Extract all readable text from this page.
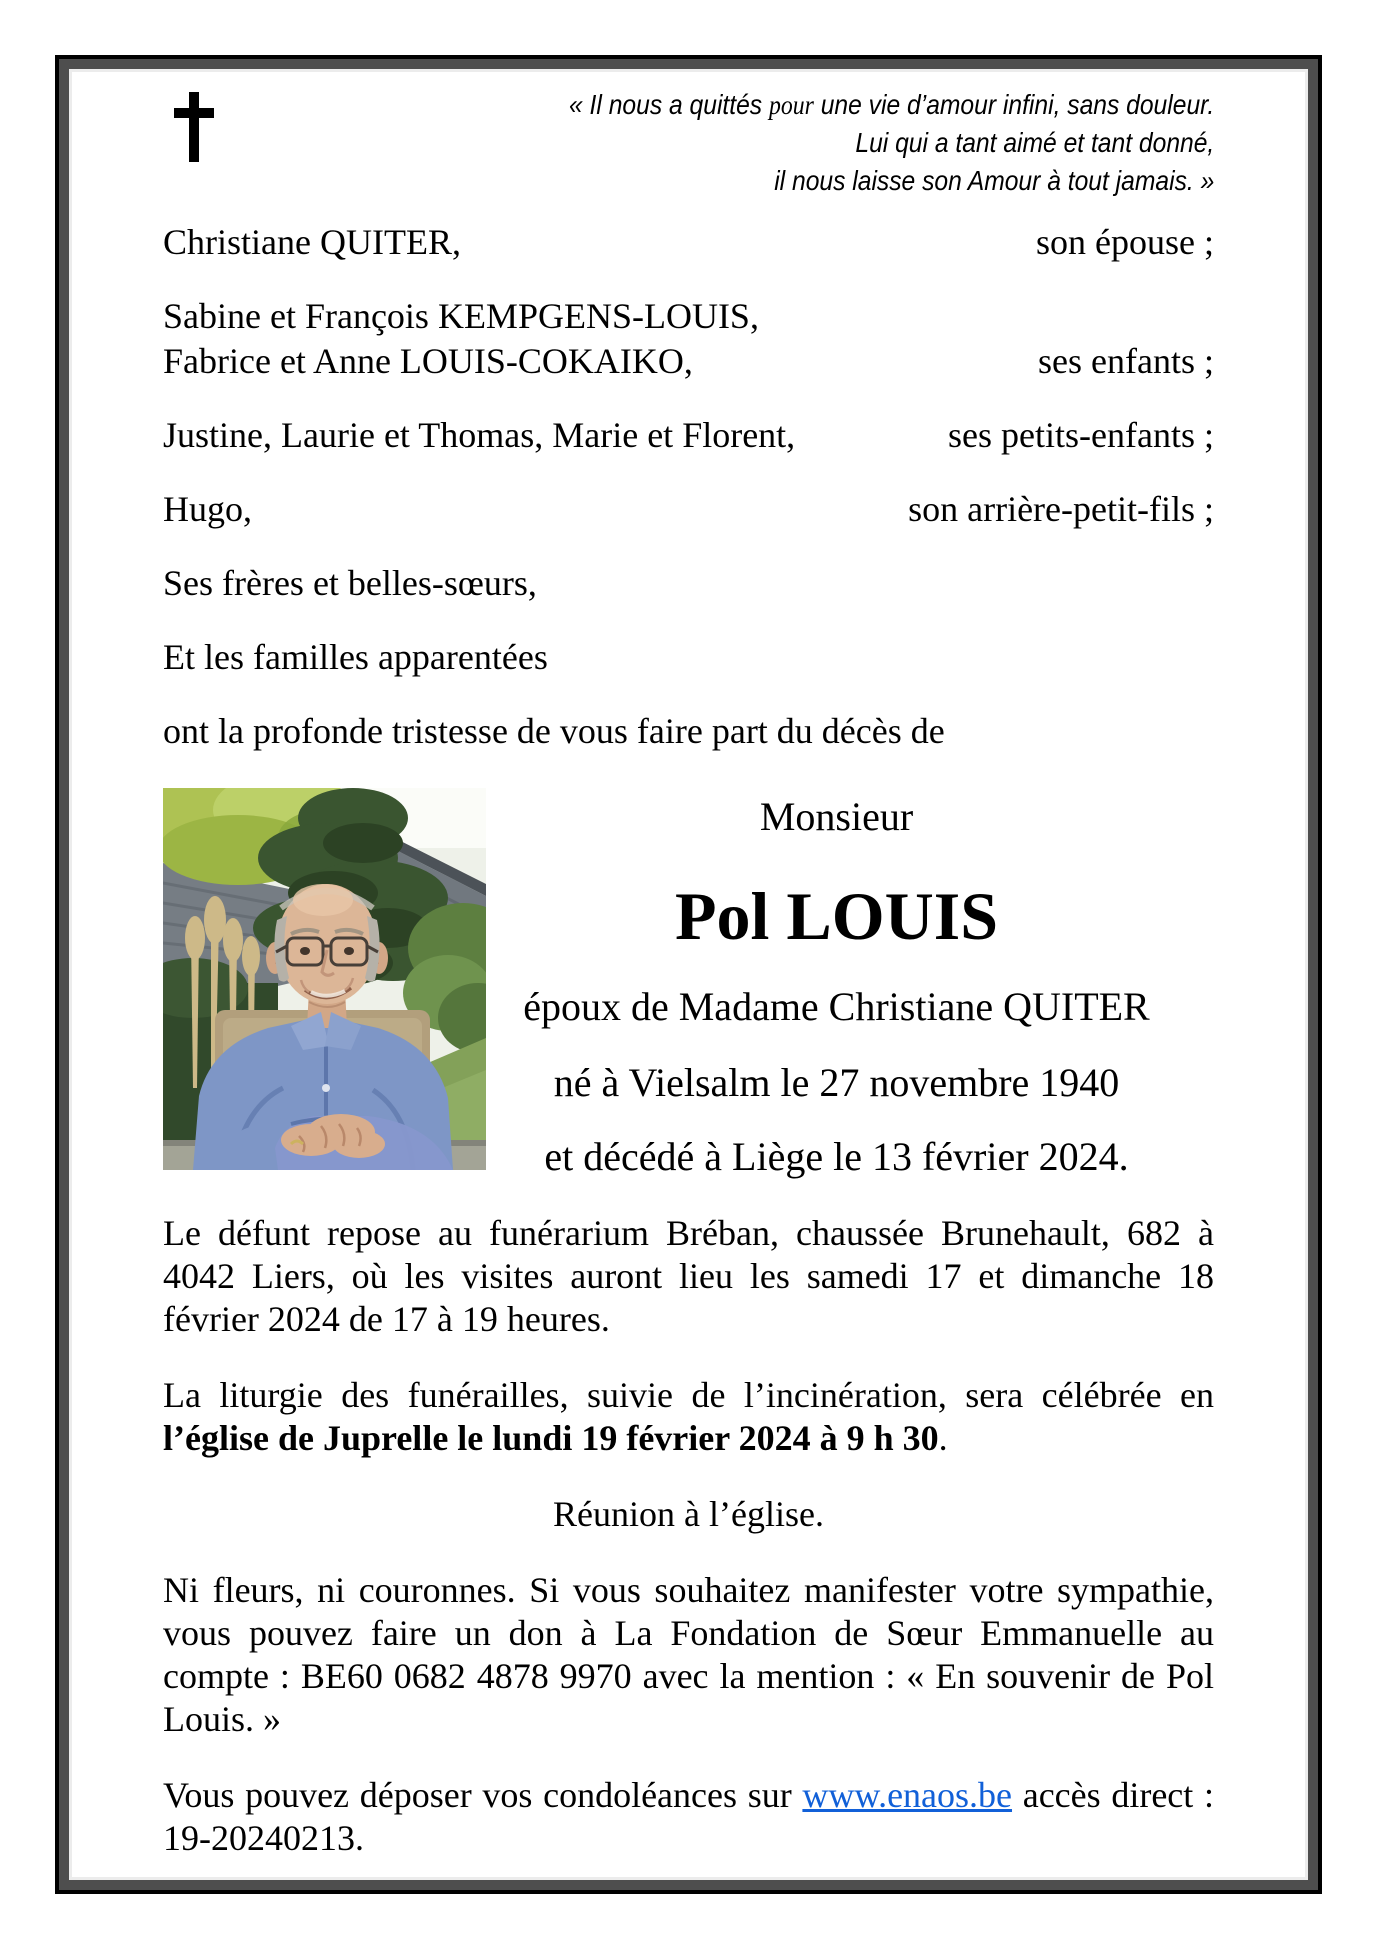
« Il nous a quittés pour une vie d’amour infini, sans douleur.
Lui qui a tant aimé et tant donné,
il nous laisse son Amour à tout jamais. »
Christiane QUITER,	son épouse ;
Sabine et François KEMPGENS-LOUIS,
Fabrice et Anne LOUIS-COKAIKO,	ses enfants ;
Justine, Laurie et Thomas, Marie et Florent,	ses petits-enfants ;
Hugo,	son arrière-petit-fils ;
Ses frères et belles-sœurs,
Et les familles apparentées

ont la profonde tristesse de vous faire part du décès de

Monsieur
Pol LOUIS
époux de Madame Christiane QUITER
né à Vielsalm le 27 novembre 1940
et décédé à Liège le 13 février 2024.

Le défunt repose au funérarium Bréban, chaussée Brunehault, 682 à 4042 Liers, où les visites auront lieu les samedi 17 et dimanche 18 février 2024 de 17 à 19 heures.

La liturgie des funérailles, suivie de l’incinération, sera célébrée en l’église de Juprelle le lundi 19 février 2024 à 9 h 30.

Réunion à l’église.

Ni fleurs, ni couronnes. Si vous souhaitez manifester votre sympathie, vous pouvez faire un don à La Fondation de Sœur Emmanuelle au compte : BE60 0682 4878 9970 avec la mention : « En souvenir de Pol Louis. »

Vous pouvez déposer vos condoléances sur www.enaos.be accès direct : 19-20240213.
